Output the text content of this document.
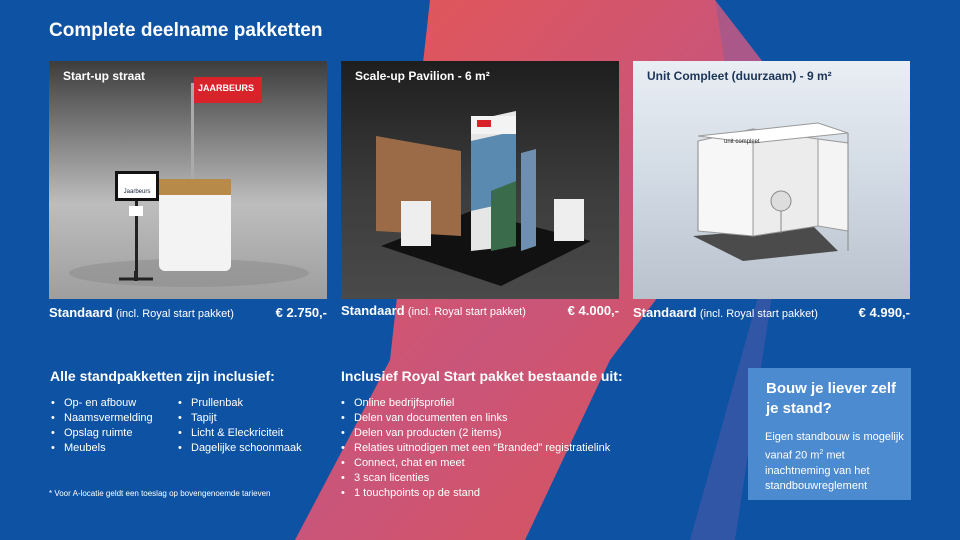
Complete deelname pakketten
Start-up straat
JAARBEURS
Jaarbeurs
Scale-up Pavilion - 6 m²	Unit Compleet (duurzaam) - 9 m²
unit compleet
Standaard (incl. Royal start pakket)	€ 2.750,- Standaard (incl. Royal start pakket)	€ 4.000,- Standaard (incl. Royal start pakket)	€ 4.990,-
Alle standpakketten zijn inclusief:
• Op- en afbouw
• Naamsvermelding
• Opslag ruimte
• Meubels
• Prullenbak
• Tapijt
• Licht & Eleckriciteit
• Dagelijke schoonmaak
* Voor A-locatie geldt een toeslag op bovengenoemde tarieven
Inclusief Royal Start pakket bestaande uit:
• Online bedrijfsprofiel
• Delen van documenten en links
• Delen van producten (2 items)
• Relaties uitnodigen met een “Branded” registratielink
• Connect, chat en meet
• 3 scan licenties
• 1 touchpoints op de stand
Bouw je liever zelf je stand?
Eigen standbouw is mogelijk vanaf 20 $m^2$ met inachtneming van het standbouwreglement
